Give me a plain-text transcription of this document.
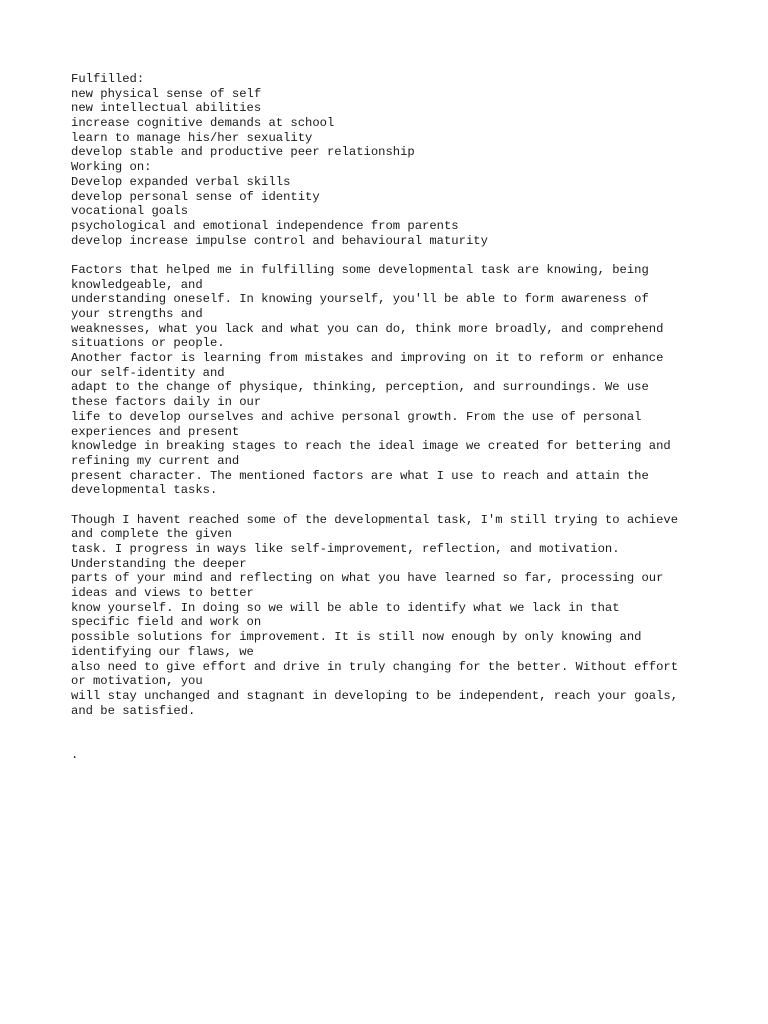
Fulfilled:
new physical sense of self
new intellectual abilities
increase cognitive demands at school
learn to manage his/her sexuality
develop stable and productive peer relationship
Working on:
Develop expanded verbal skills
develop personal sense of identity
vocational goals
psychological and emotional independence from parents
develop increase impulse control and behavioural maturity
Factors that helped me in fulfilling some developmental task are knowing, being
knowledgeable, and
understanding oneself. In knowing yourself, you'll be able to form awareness of
your strengths and
weaknesses, what you lack and what you can do, think more broadly, and comprehend
situations or people.
Another factor is learning from mistakes and improving on it to reform or enhance
our self-identity and
adapt to the change of physique, thinking, perception, and surroundings. We use
these factors daily in our
life to develop ourselves and achive personal growth. From the use of personal
experiences and present
knowledge in breaking stages to reach the ideal image we created for bettering and
refining my current and
present character. The mentioned factors are what I use to reach and attain the
developmental tasks.
Though I havent reached some of the developmental task, I'm still trying to achieve
and complete the given
task. I progress in ways like self-improvement, reflection, and motivation.
Understanding the deeper
parts of your mind and reflecting on what you have learned so far, processing our
ideas and views to better
know yourself. In doing so we will be able to identify what we lack in that
specific field and work on
possible solutions for improvement. It is still now enough by only knowing and
identifying our flaws, we
also need to give effort and drive in truly changing for the better. Without effort
or motivation, you
will stay unchanged and stagnant in developing to be independent, reach your goals,
and be satisfied.
.
